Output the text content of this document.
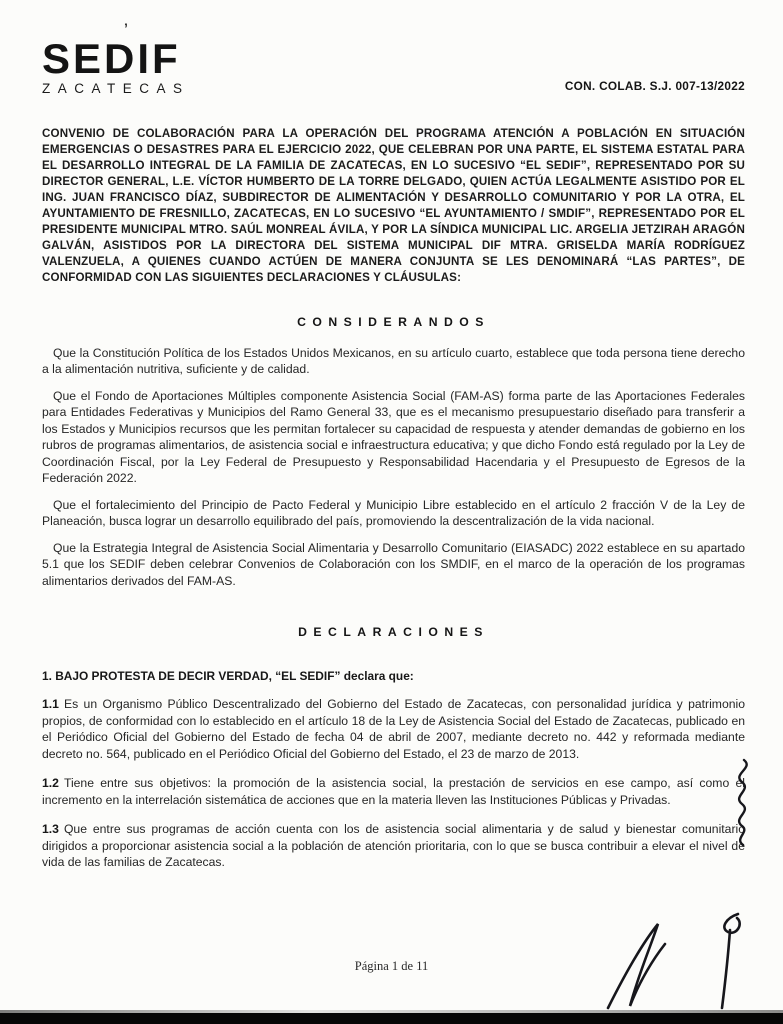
SEDIF
ZACATECAS	CON. COLAB. S.J. 007-13/2022

CONVENIO DE COLABORACIÓN PARA LA OPERACIÓN DEL PROGRAMA ATENCIÓN A POBLACIÓN EN SITUACIÓN EMERGENCIAS O DESASTRES PARA EL EJERCICIO 2022, QUE CELEBRAN POR UNA PARTE, EL SISTEMA ESTATAL PARA EL DESARROLLO INTEGRAL DE LA FAMILIA DE ZACATECAS, EN LO SUCESIVO “EL SEDIF”, REPRESENTADO POR SU DIRECTOR GENERAL, L.E. VÍCTOR HUMBERTO DE LA TORRE DELGADO, QUIEN ACTÚA LEGALMENTE ASISTIDO POR EL ING. JUAN FRANCISCO DÍAZ, SUBDIRECTOR DE ALIMENTACIÓN Y DESARROLLO COMUNITARIO Y POR LA OTRA, EL AYUNTAMIENTO DE FRESNILLO, ZACATECAS, EN LO SUCESIVO “EL AYUNTAMIENTO / SMDIF”, REPRESENTADO POR EL PRESIDENTE MUNICIPAL MTRO. SAÚL MONREAL ÁVILA, Y POR LA SÍNDICA MUNICIPAL LIC. ARGELIA JETZIRAH ARAGÓN GALVÁN, ASISTIDOS POR LA DIRECTORA DEL SISTEMA MUNICIPAL DIF MTRA. GRISELDA MARÍA RODRÍGUEZ VALENZUELA, A QUIENES CUANDO ACTÚEN DE MANERA CONJUNTA SE LES DENOMINARÁ “LAS PARTES”, DE CONFORMIDAD CON LAS SIGUIENTES DECLARACIONES Y CLÁUSULAS:

CONSIDERANDOS

Que la Constitución Política de los Estados Unidos Mexicanos, en su artículo cuarto, establece que toda persona tiene derecho a la alimentación nutritiva, suficiente y de calidad.

Que el Fondo de Aportaciones Múltiples componente Asistencia Social (FAM-AS) forma parte de las Aportaciones Federales para Entidades Federativas y Municipios del Ramo General 33, que es el mecanismo presupuestario diseñado para transferir a los Estados y Municipios recursos que les permitan fortalecer su capacidad de respuesta y atender demandas de gobierno en los rubros de programas alimentarios, de asistencia social e infraestructura educativa; y que dicho Fondo está regulado por la Ley de Coordinación Fiscal, por la Ley Federal de Presupuesto y Responsabilidad Hacendaria y el Presupuesto de Egresos de la Federación 2022.

Que el fortalecimiento del Principio de Pacto Federal y Municipio Libre establecido en el artículo 2 fracción V de la Ley de Planeación, busca lograr un desarrollo equilibrado del país, promoviendo la descentralización de la vida nacional.

Que la Estrategia Integral de Asistencia Social Alimentaria y Desarrollo Comunitario (EIASADC) 2022 establece en su apartado 5.1 que los SEDIF deben celebrar Convenios de Colaboración con los SMDIF, en el marco de la operación de los programas alimentarios derivados del FAM-AS.

DECLARACIONES

1. BAJO PROTESTA DE DECIR VERDAD, “EL SEDIF” declara que:

1.1 Es un Organismo Público Descentralizado del Gobierno del Estado de Zacatecas, con personalidad jurídica y patrimonio propios, de conformidad con lo establecido en el artículo 18 de la Ley de Asistencia Social del Estado de Zacatecas, publicado en el Periódico Oficial del Gobierno del Estado de fecha 04 de abril de 2007, mediante decreto no. 442 y reformada mediante decreto no. 564, publicado en el Periódico Oficial del Gobierno del Estado, el 23 de marzo de 2013.

1.2 Tiene entre sus objetivos: la promoción de la asistencia social, la prestación de servicios en ese campo, así como el incremento en la interrelación sistemática de acciones que en la materia lleven las Instituciones Públicas y Privadas.

1.3 Que entre sus programas de acción cuenta con los de asistencia social alimentaria y de salud y bienestar comunitario dirigidos a proporcionar asistencia social a la población de atención prioritaria, con lo que se busca contribuir a elevar el nivel de vida de las familias de Zacatecas.

’
Página 1 de 11
